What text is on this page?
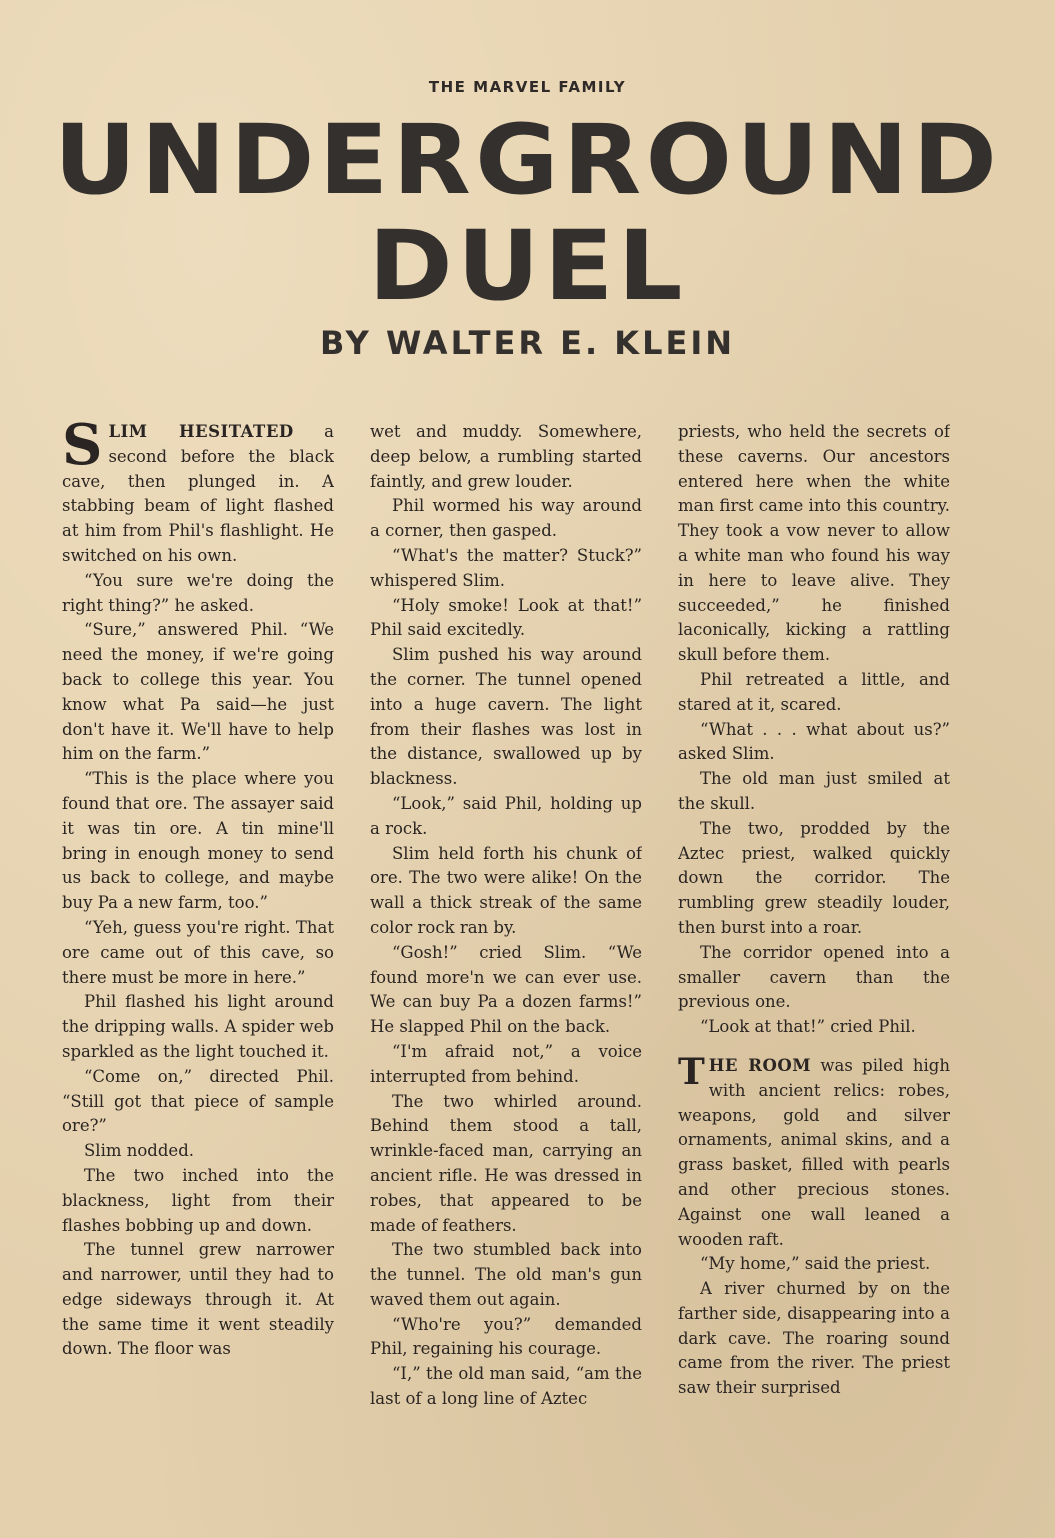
THE MARVEL FAMILY
UNDERGROUND
DUEL
BY WALTER E. KLEIN

SLIM HESITATED a second before the black cave, then plunged in. A stabbing beam of light flashed at him from Phil's flashlight. He switched on his own.

“You sure we're doing the right thing?” he asked.

“Sure,” answered Phil. “We need the money, if we're going back to college this year. You know what Pa said—he just don't have it. We'll have to help him on the farm.”

“This is the place where you found that ore. The assayer said it was tin ore. A tin mine'll bring in enough money to send us back to college, and maybe buy Pa a new farm, too.”

“Yeh, guess you're right. That ore came out of this cave, so there must be more in here.”

Phil flashed his light around the dripping walls. A spider web sparkled as the light touched it.

“Come on,” directed Phil. “Still got that piece of sample ore?”

Slim nodded.

The two inched into the blackness, light from their flashes bobbing up and down.

The tunnel grew narrower and narrower, until they had to edge sideways through it. At the same time it went steadily down. The floor was

wet and muddy. Somewhere, deep below, a rumbling started faintly, and grew louder.

Phil wormed his way around a corner, then gasped.

“What's the matter? Stuck?” whispered Slim.

“Holy smoke! Look at that!” Phil said excitedly.

Slim pushed his way around the corner. The tunnel opened into a huge cavern. The light from their flashes was lost in the distance, swallowed up by blackness.

“Look,” said Phil, holding up a rock.

Slim held forth his chunk of ore. The two were alike! On the wall a thick streak of the same color rock ran by.

“Gosh!” cried Slim. “We found more'n we can ever use. We can buy Pa a dozen farms!” He slapped Phil on the back.

“I'm afraid not,” a voice interrupted from behind.

The two whirled around. Behind them stood a tall, wrinkle-faced man, carrying an ancient rifle. He was dressed in robes, that appeared to be made of feathers.

The two stumbled back into the tunnel. The old man's gun waved them out again.

“Who're you?” demanded Phil, regaining his courage.

“I,” the old man said, “am the last of a long line of Aztec

priests, who held the secrets of these caverns. Our ancestors entered here when the white man first came into this country. They took a vow never to allow a white man who found his way in here to leave alive. They succeeded,” he finished laconically, kicking a rattling skull before them.

Phil retreated a little, and stared at it, scared.

“What . . . what about us?” asked Slim.

The old man just smiled at the skull.

The two, prodded by the Aztec priest, walked quickly down the corridor. The rumbling grew steadily louder, then burst into a roar.

The corridor opened into a smaller cavern than the previous one.

“Look at that!” cried Phil.

THE ROOM was piled high with ancient relics: robes, weapons, gold and silver ornaments, animal skins, and a grass basket, filled with pearls and other precious stones. Against one wall leaned a wooden raft.

“My home,” said the priest.

A river churned by on the farther side, disappearing into a dark cave. The roaring sound came from the river. The priest saw their surprised
